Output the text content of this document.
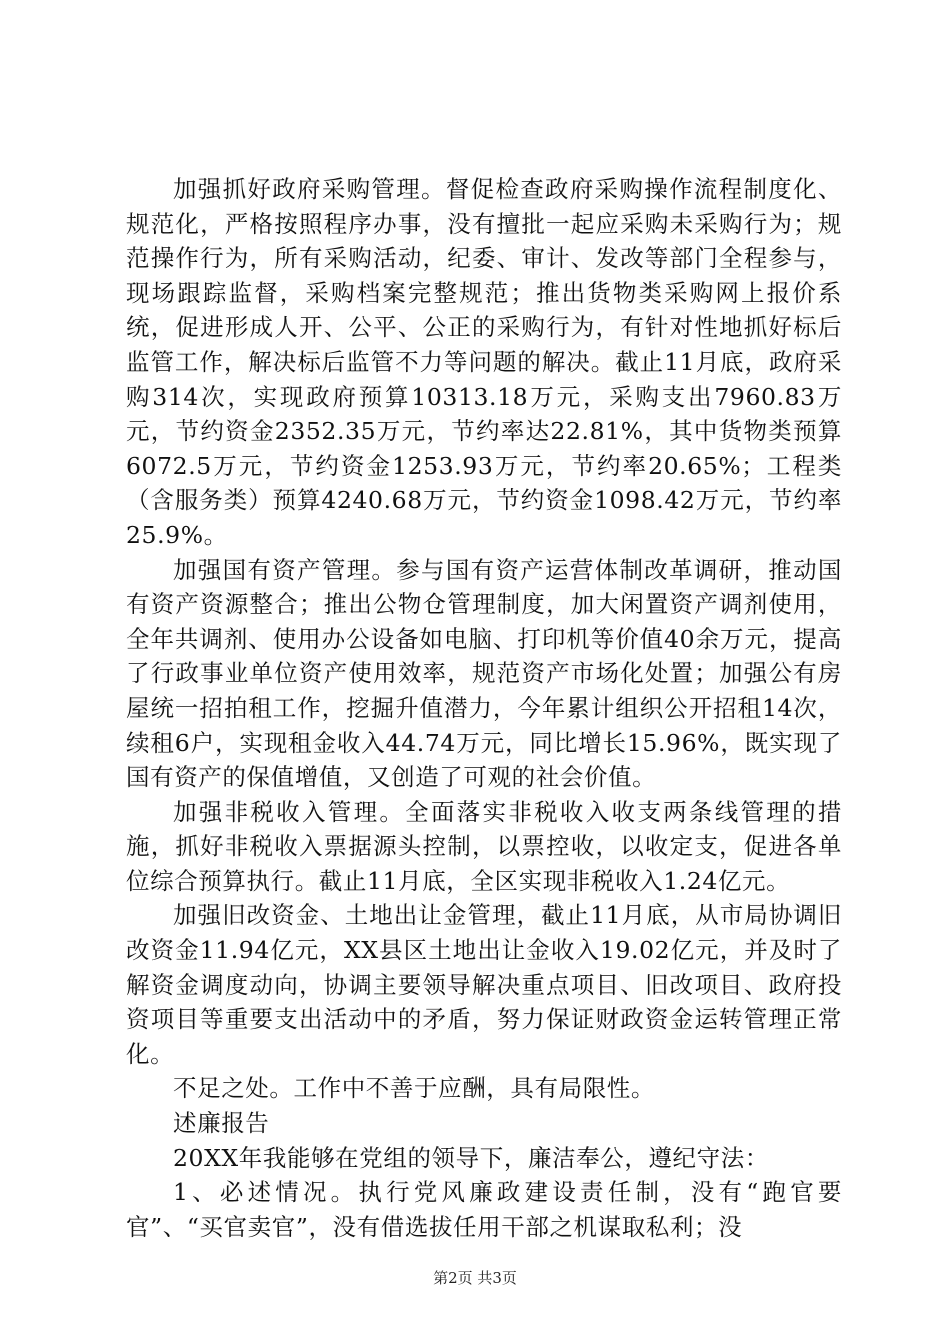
加强抓好政府采购管理。督促检查政府采购操作流程制度化、规范化，严格按照程序办事，没有擅批一起应采购未采购行为；规范操作行为，所有采购活动，纪委、审计、发改等部门全程参与，现场跟踪监督，采购档案完整规范；推出货物类采购网上报价系统，促进形成人开、公平、公正的采购行为，有针对性地抓好标后监管工作，解决标后监管不力等问题的解决。截止11月底，政府采购314次，实现政府预算10313.18万元，采购支出7960.83万元，节约资金2352.35万元，节约率达22.81%，其中货物类预算6072.5万元，节约资金1253.93万元，节约率20.65%；工程类（含服务类）预算4240.68万元，节约资金1098.42万元，节约率25.9%。

加强国有资产管理。参与国有资产运营体制改革调研，推动国有资产资源整合；推出公物仓管理制度，加大闲置资产调剂使用，全年共调剂、使用办公设备如电脑、打印机等价值40余万元，提高了行政事业单位资产使用效率，规范资产市场化处置；加强公有房屋统一招拍租工作，挖掘升值潜力，今年累计组织公开招租14次，续租6户，实现租金收入44.74万元，同比增长15.96%，既实现了国有资产的保值增值，又创造了可观的社会价值。

加强非税收入管理。全面落实非税收入收支两条线管理的措施，抓好非税收入票据源头控制，以票控收，以收定支，促进各单位综合预算执行。截止11月底，全区实现非税收入1.24亿元。

加强旧改资金、土地出让金管理，截止11月底，从市局协调旧改资金11.94亿元，XX县区土地出让金收入19.02亿元，并及时了解资金调度动向，协调主要领导解决重点项目、旧改项目、政府投资项目等重要支出活动中的矛盾，努力保证财政资金运转管理正常化。

不足之处。工作中不善于应酬，具有局限性。

述廉报告

20XX年我能够在党组的领导下，廉洁奉公，遵纪守法：

1、必述情况。执行党风廉政建设责任制，没有“跑官要官”、“买官卖官”，没有借选拔任用干部之机谋取私利；没

第2页 共3页
